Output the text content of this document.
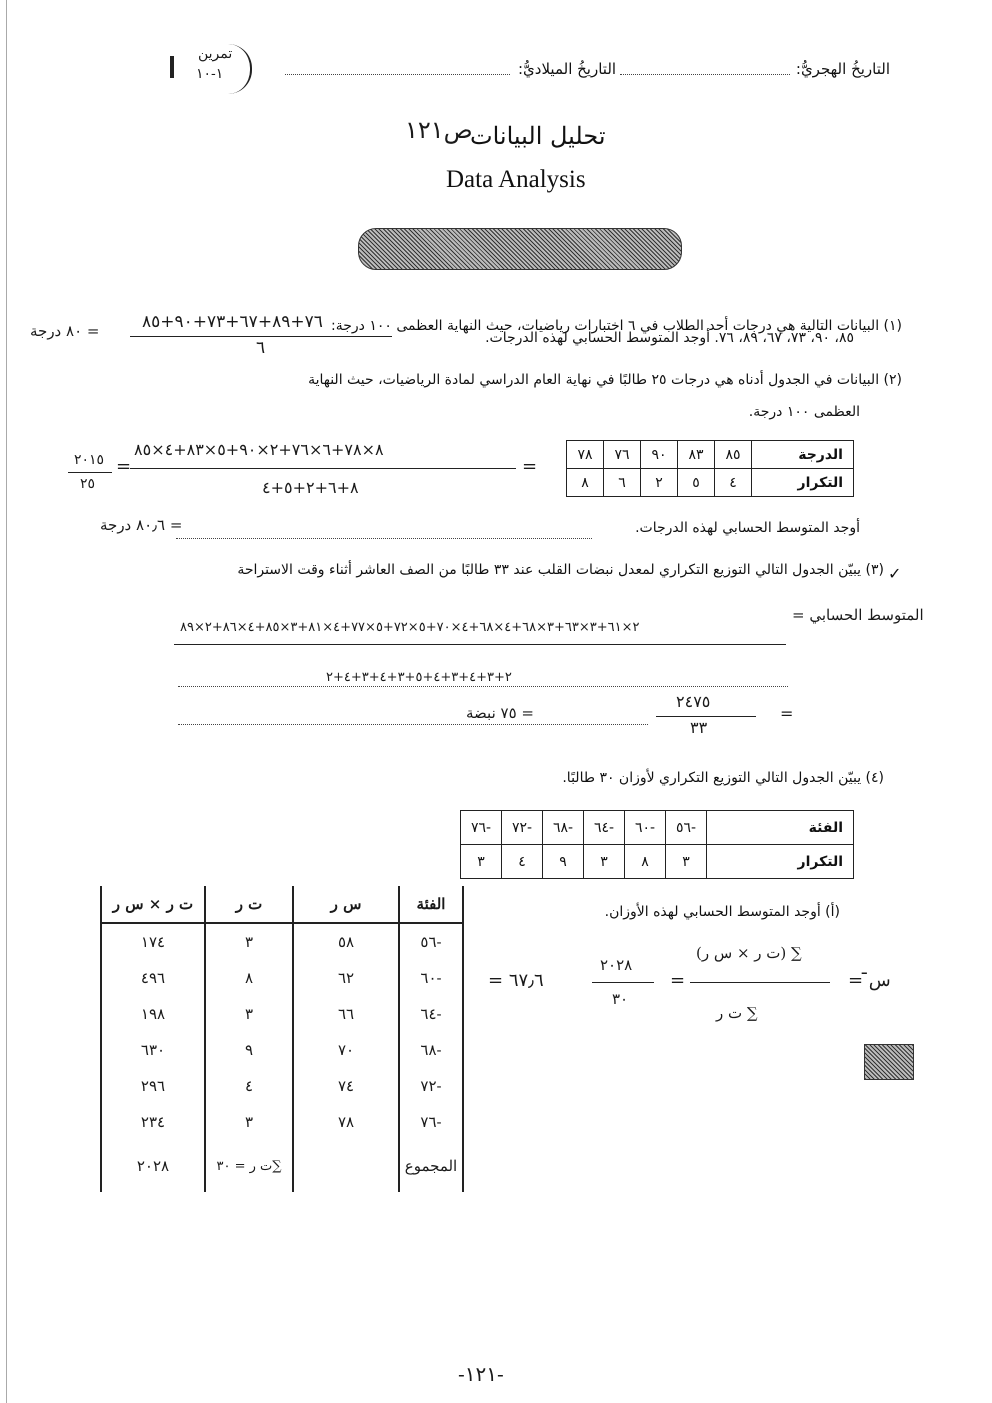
التاريخُ الهجريُّ:
التاريخُ الميلاديُّ:
تمرين
١-١٠
تحليل البيانات
ص١٢١
Data Analysis
(١) البيانات التالية هي درجات أحد الطلاب في ٦ اختبارات رياضيات، حيث النهاية العظمى ١٠٠ درجة:
٨٥، ٩٠، ٧٣، ٦٧، ٨٩، ٧٦. أوجد المتوسط الحسابي لهذه الدرجات.
٧٦+٨٩+٦٧+٧٣+٩٠+٨٥
٦
= ٨٠ درجة
(٢) البيانات في الجدول أدناه هي درجات ٢٥ طالبًا في نهاية العام الدراسي لمادة الرياضيات، حيث النهاية
العظمى ١٠٠ درجة.
٧٨	٧٦	٩٠	٨٣	٨٥	الدرجة
٨	٦	٢	٥	٤	التكرار
٨×٧٨+٦×٧٦+٢×٩٠+٥×٨٣+٤×٨٥
٨+٦+٢+٥+٤
=
=
٢٠١٥
٢٥
أوجد المتوسط الحسابي لهذه الدرجات.
= ٨٠٫٦ درجة
✓
(٣) يبيّن الجدول التالي التوزيع التكراري لمعدل نبضات القلب عند ٣٣ طالبًا من الصف العاشر أثناء وقت الاستراحة
المتوسط الحسابي =
٢×٦١+٣×٦٣+٣×٦٨+٤×٦٨+٤×٧٠+٥×٧٢+٥×٧٧+٤×٨١+٣×٨٥+٤×٨٦+٢×٨٩
٢+٣+٤+٣+٤+٥+٣+٤+٣+٤+٢
٢٤٧٥
٣٣
=
= ٧٥ نبضة
(٤) يبيّن الجدول التالي التوزيع التكراري لأوزان ٣٠ طالبًا.
٧٦-	٧٢-	٦٨-	٦٤-	٦٠-	٥٦-	الفئة
٣	٤	٩	٣	٨	٣	التكرار
(أ) أوجد المتوسط الحسابي لهذه الأوزان.
ت ر × س ر	ت ر	س ر	الفئة
١٧٤	٣	٥٨	٥٦-
٤٩٦	٨	٦٢	٦٠-
١٩٨	٣	٦٦	٦٤-
٦٣٠	٩	٧٠	٦٨-
٢٩٦	٤	٧٤	٧٢-
٢٣٤	٣	٧٨	٧٦-
٢٠٢٨	∑ت ر = ٣٠		المجموع
س̄ =
∑ (ت ر × س ر)
∑ ت ر
=
٢٠٢٨
٣٠
= ٦٧٫٦
-١٢١-
